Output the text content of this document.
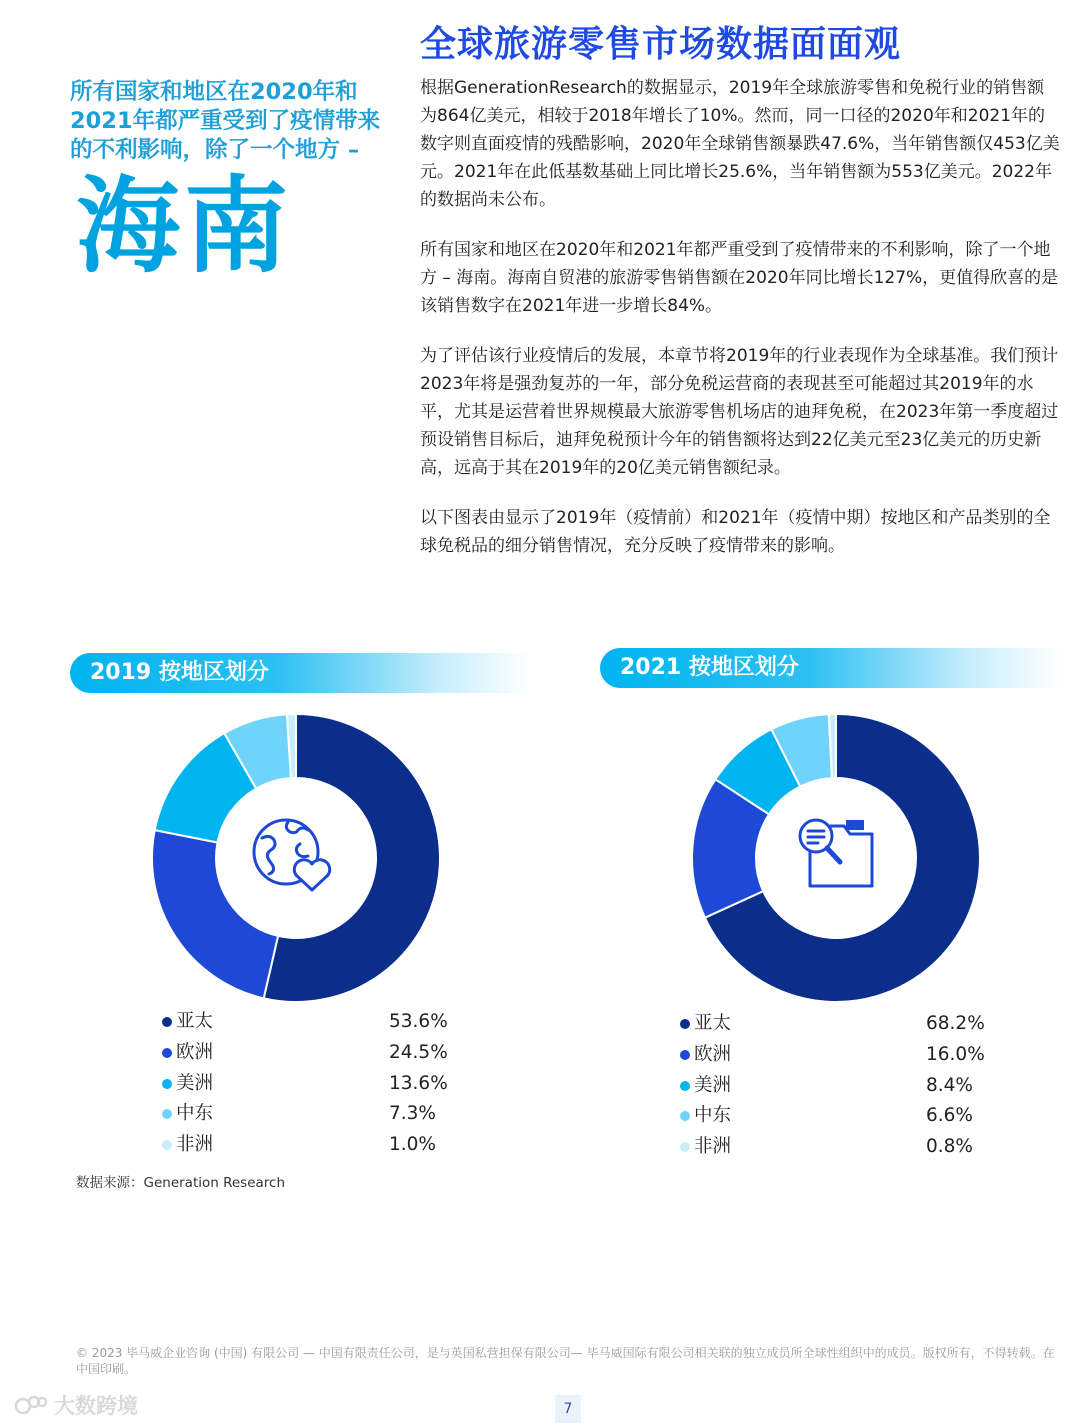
全球旅游零售市场数据面面观
所有国家和地区在2020年和2021年都严重受到了疫情带来的不利影响，除了一个地方 –
海南

根据GenerationResearch的数据显示，2019年全球旅游零售和免税行业的销售额为864亿美元，相较于2018年增长了10%。然而，同一口径的2020年和2021年的数字则直面疫情的残酷影响，2020年全球销售额暴跌47.6%，当年销售额仅453亿美元。2021年在此低基数基础上同比增长25.6%，当年销售额为553亿美元。2022年的数据尚未公布。

所有国家和地区在2020年和2021年都严重受到了疫情带来的不利影响，除了一个地方 – 海南。海南自贸港的旅游零售销售额在2020年同比增长127%，更值得欣喜的是该销售数字在2021年进一步增长84%。

为了评估该行业疫情后的发展，本章节将2019年的行业表现作为全球基准。我们预计2023年将是强劲复苏的一年，部分免税运营商的表现甚至可能超过其2019年的水平，尤其是运营着世界规模最大旅游零售机场店的迪拜免税，在2023年第一季度超过预设销售目标后，迪拜免税预计今年的销售额将达到22亿美元至23亿美元的历史新高，远高于其在2019年的20亿美元销售额纪录。

以下图表由显示了2019年（疫情前）和2021年（疫情中期）按地区和产品类别的全球免税品的细分销售情况，充分反映了疫情带来的影响。

2019 按地区划分	2021 按地区划分
亚太	53.6%
欧洲	24.5%
美洲	13.6%
中东	7.3%
非洲	1.0%
亚太	68.2%
欧洲	16.0%
美洲	8.4%
中东	6.6%
非洲	0.8%
数据来源：Generation Research
© 2023 毕马威企业咨询 (中国) 有限公司 — 中国有限责任公司，是与英国私营担保有限公司— 毕马威国际有限公司相关联的独立成员所全球性组织中的成员。版权所有，不得转载。在中国印刷。
7
大数跨境
